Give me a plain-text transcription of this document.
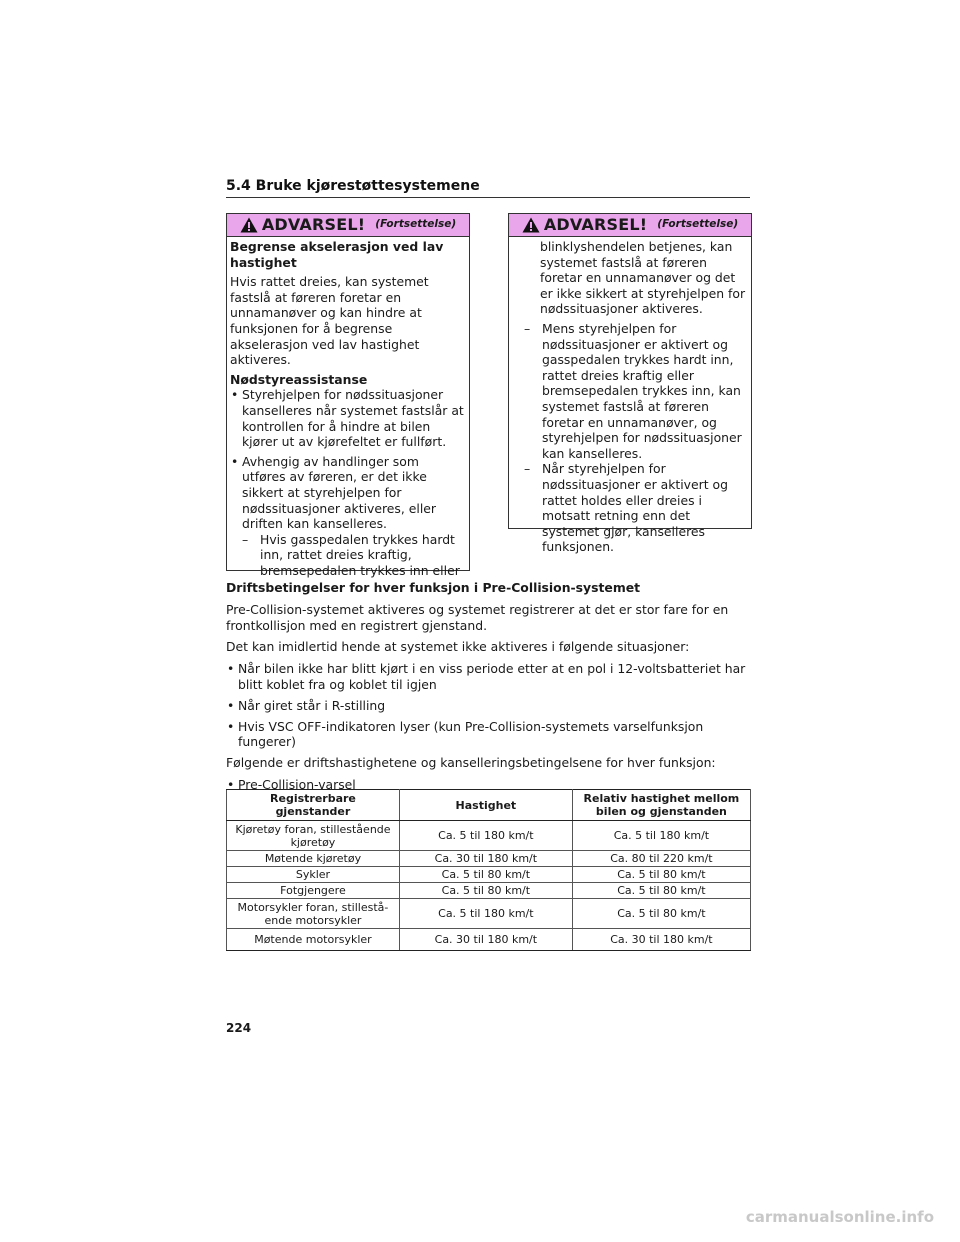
5.4 Bruke kjørestøttesystemene
ADVARSEL! (Fortsettelse)

Begrense akselerasjon ved lav hastighet

Hvis rattet dreies, kan systemet fastslå at føreren foretar en unnamanøver og kan hindre at funksjonen for å begrense akselerasjon ved lav hastighet aktiveres.

Nødstyreassistanse

• Styrehjelpen for nødssituasjoner kanselleres når systemet fastslår at kontrollen for å hindre at bilen kjører ut av kjørefeltet er fullført.
• Avhengig av handlinger som utføres av føreren, er det ikke sikkert at styrehjelpen for nødssituasjoner aktiveres, eller driften kan kanselleres.
– Hvis gasspedalen trykkes hardt inn, rattet dreies kraftig, bremsepedalen trykkes inn eller
ADVARSEL! (Fortsettelse)

blinklyshendelen betjenes, kan systemet fastslå at føreren foretar en unnamanøver og det er ikke sikkert at styrehjelpen for nødssituasjoner aktiveres.

– Mens styrehjelpen for nødssituasjoner er aktivert og gasspedalen trykkes hardt inn, rattet dreies kraftig eller bremsepedalen trykkes inn, kan systemet fastslå at føreren foretar en unnamanøver, og styrehjelpen for nødssituasjoner kan kanselleres.
– Når styrehjelpen for nødssituasjoner er aktivert og rattet holdes eller dreies i motsatt retning enn det systemet gjør, kanselleres funksjonen.

Driftsbetingelser for hver funksjon i Pre-Collision-systemet

Pre-Collision-systemet aktiveres og systemet registrerer at det er stor fare for en frontkollisjon med en registrert gjenstand.

Det kan imidlertid hende at systemet ikke aktiveres i følgende situasjoner:

• Når bilen ikke har blitt kjørt i en viss periode etter at en pol i 12-voltsbatteriet har blitt koblet fra og koblet til igjen
• Når giret står i R-stilling
• Hvis VSC OFF-indikatoren lyser (kun Pre-Collision-systemets varselfunksjon fungerer)

Følgende er driftshastighetene og kanselleringsbetingelsene for hver funksjon:

• Pre-Collision-varsel
Registrerbare gjenstander	Hastighet	Relativ hastighet mellom bilen og gjenstanden
Kjøretøy foran, stillestående kjøretøy	Ca. 5 til 180 km/t	Ca. 5 til 180 km/t
Møtende kjøretøy	Ca. 30 til 180 km/t	Ca. 80 til 220 km/t
Sykler	Ca. 5 til 80 km/t	Ca. 5 til 80 km/t
Fotgjengere	Ca. 5 til 80 km/t	Ca. 5 til 80 km/t
Motorsykler foran, stillestå-ende motorsykler	Ca. 5 til 180 km/t	Ca. 5 til 80 km/t
Møtende motorsykler	Ca. 30 til 180 km/t	Ca. 30 til 180 km/t
224
carmanualsonline.info
